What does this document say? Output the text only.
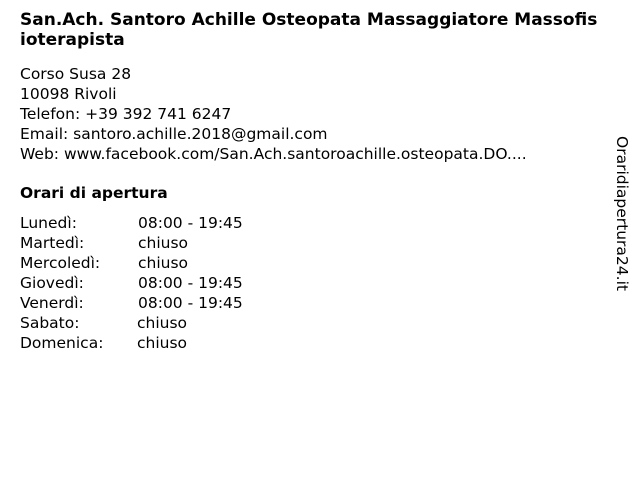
San.Ach. Santoro Achille Osteopata Massaggiatore Massofisioterapista
Corso Susa 28
10098 Rivoli
Telefon: +39 392 741 6247
Email: santoro.achille.2018@gmail.com
Web: www.facebook.com/San.Ach.santoroachille.osteopata.DO....
Orari di apertura
Lunedì:	08:00 - 19:45
Martedì:	chiuso
Mercoledì: chiuso
Giovedì:	08:00 - 19:45
Venerdì:	08:00 - 19:45
Sabato:	chiuso
Domenica: chiuso
Oraridiapertura24.it
